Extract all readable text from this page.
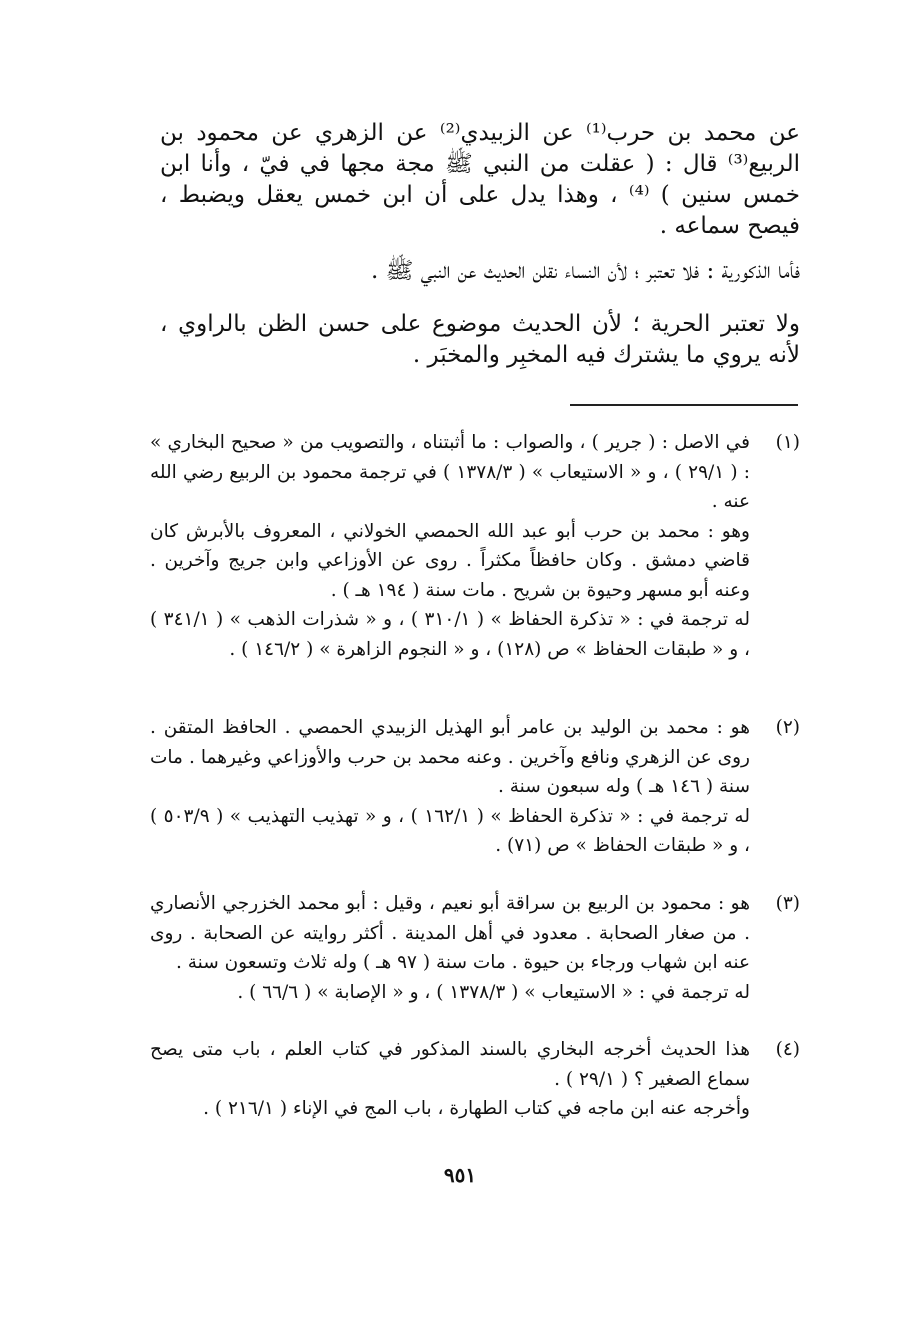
عن محمد بن حرب⁽¹⁾ عن الزبيدي⁽²⁾ عن الزهري عن محمود بن الربيع⁽³⁾ قال : ( عقلت من النبي ﷺ مجة مجها في فيّ ، وأنا ابن خمس سنين ) ⁽⁴⁾ ، وهذا يدل على أن ابن خمس يعقل ويضبط ، فيصح سماعه .

فأما الذكورية : فلا تعتبر ؛ لأن النساء نقلن الحديث عن النبي ﷺ .

ولا تعتبر الحرية ؛ لأن الحديث موضوع على حسن الظن بالراوي ، لأنه يروي ما يشترك فيه المخبِر والمخبَر .

(١)

في الاصل : ( جرير ) ، والصواب : ما أثبتناه ، والتصويب من « صحيح البخاري » : ( ٢٩/١ ) ، و « الاستيعاب » ( ١٣٧٨/٣ ) في ترجمة محمود بن الربيع رضي الله عنه .

وهو : محمد بن حرب أبو عبد الله الحمصي الخولاني ، المعروف بالأبرش كان قاضي دمشق . وكان حافظاً مكثراً . روى عن الأوزاعي وابن جريج وآخرين . وعنه أبو مسهر وحيوة بن شريح . مات سنة ( ١٩٤ هـ ) .

له ترجمة في : « تذكرة الحفاظ » ( ٣١٠/١ ) ، و « شذرات الذهب » ( ٣٤١/١ ) ، و « طبقات الحفاظ » ص (١٢٨) ، و « النجوم الزاهرة » ( ١٤٦/٢ ) .

(٢)

هو : محمد بن الوليد بن عامر أبو الهذيل الزبيدي الحمصي . الحافظ المتقن . روى عن الزهري ونافع وآخرين . وعنه محمد بن حرب والأوزاعي وغيرهما . مات سنة ( ١٤٦ هـ ) وله سبعون سنة .

له ترجمة في : « تذكرة الحفاظ » ( ١٦٢/١ ) ، و « تهذيب التهذيب » ( ٥٠٣/٩ ) ، و « طبقات الحفاظ » ص (٧١) .

(٣)

هو : محمود بن الربيع بن سراقة أبو نعيم ، وقيل : أبو محمد الخزرجي الأنصاري . من صغار الصحابة . معدود في أهل المدينة . أكثر روايته عن الصحابة . روى عنه ابن شهاب ورجاء بن حيوة . مات سنة ( ٩٧ هـ ) وله ثلاث وتسعون سنة .

له ترجمة في : « الاستيعاب » ( ١٣٧٨/٣ ) ، و « الإصابة » ( ٦٦/٦ ) .

(٤)

هذا الحديث أخرجه البخاري بالسند المذكور في كتاب العلم ، باب متى يصح سماع الصغير ؟ ( ٢٩/١ ) .

وأخرجه عنه ابن ماجه في كتاب الطهارة ، باب المج في الإناء ( ٢١٦/١ ) .

٩٥١
